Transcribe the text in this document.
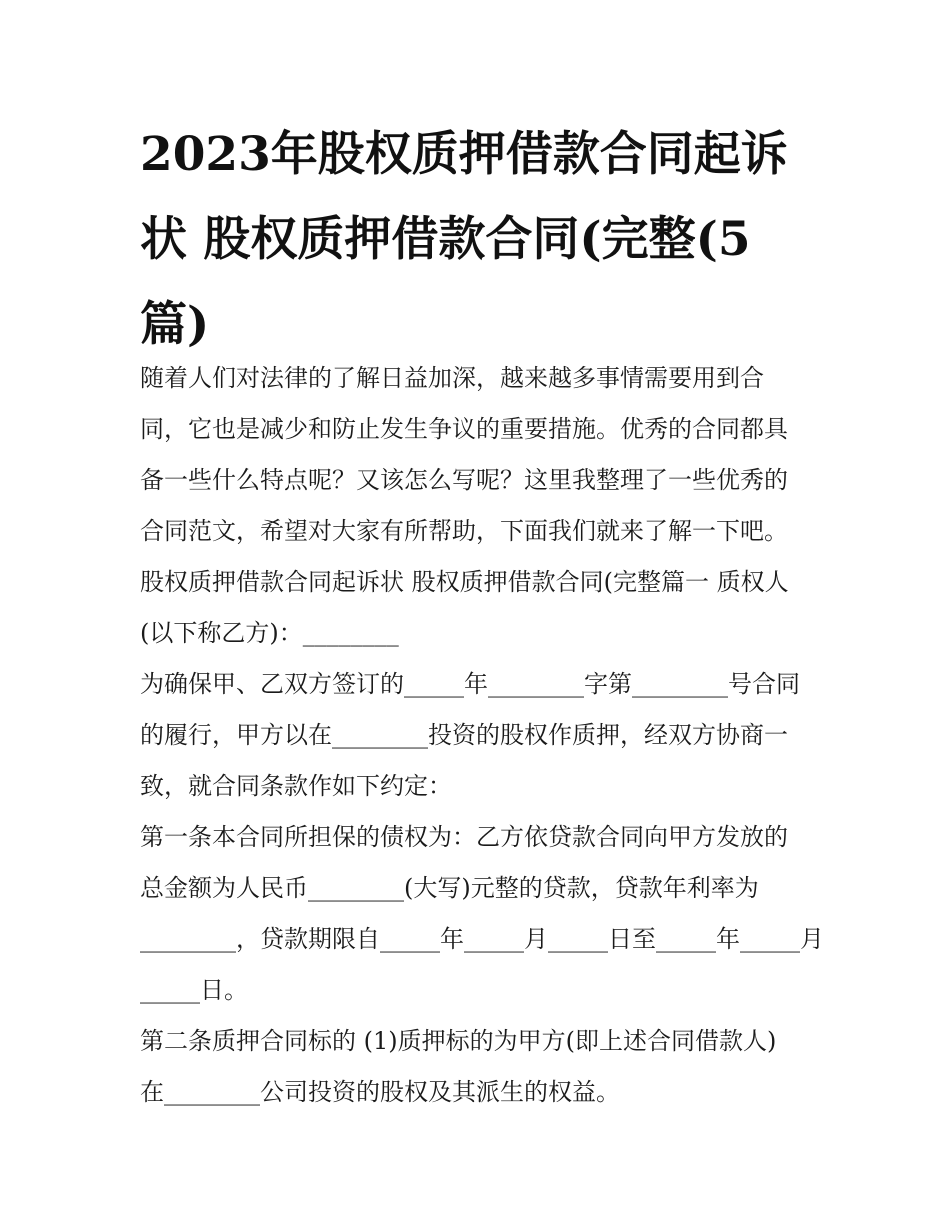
2023年股权质押借款合同起诉
状 股权质押借款合同(完整(5
篇)
随着人们对法律的了解日益加深，越来越多事情需要用到合
同，它也是减少和防止发生争议的重要措施。优秀的合同都具
备一些什么特点呢？又该怎么写呢？这里我整理了一些优秀的
合同范文，希望对大家有所帮助，下面我们就来了解一下吧。
股权质押借款合同起诉状 股权质押借款合同(完整篇一 质权人
(以下称乙方)：________
为确保甲、乙双方签订的_____年________字第________号合同
的履行，甲方以在________投资的股权作质押，经双方协商一
致，就合同条款作如下约定：
第一条本合同所担保的债权为：乙方依贷款合同向甲方发放的
总金额为人民币________(大写)元整的贷款，贷款年利率为
________，贷款期限自_____年_____月_____日至_____年_____月
_____日。
第二条质押合同标的 (1)质押标的为甲方(即上述合同借款人)
在________公司投资的股权及其派生的权益。
